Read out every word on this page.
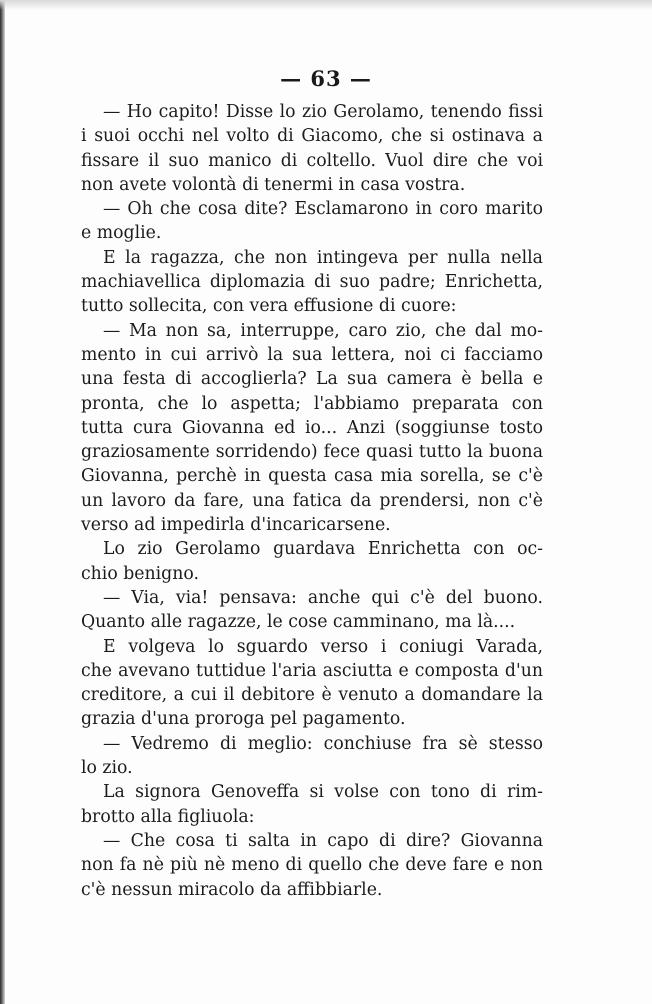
— 63 —
— Ho capito! Disse lo zio Gerolamo, tenendo fissi
i suoi occhi nel volto di Giacomo, che si ostinava a
fissare il suo manico di coltello. Vuol dire che voi
non avete volontà di tenermi in casa vostra.
— Oh che cosa dite? Esclamarono in coro marito
e moglie.
E la ragazza, che non intingeva per nulla nella
machiavellica diplomazia di suo padre; Enrichetta,
tutto sollecita, con vera effusione di cuore:
— Ma non sa, interruppe, caro zio, che dal mo-
mento in cui arrivò la sua lettera, noi ci facciamo
una festa di accoglierla? La sua camera è bella e
pronta, che lo aspetta; l'abbiamo preparata con
tutta cura Giovanna ed io... Anzi (soggiunse tosto
graziosamente sorridendo) fece quasi tutto la buona
Giovanna, perchè in questa casa mia sorella, se c'è
un lavoro da fare, una fatica da prendersi, non c'è
verso ad impedirla d'incaricarsene.
Lo zio Gerolamo guardava Enrichetta con oc-
chio benigno.
— Via, via! pensava: anche qui c'è del buono.
Quanto alle ragazze, le cose camminano, ma là....
E volgeva lo sguardo verso i coniugi Varada,
che avevano tuttidue l'aria asciutta e composta d'un
creditore, a cui il debitore è venuto a domandare la
grazia d'una proroga pel pagamento.
— Vedremo di meglio: conchiuse fra sè stesso
lo zio.
La signora Genoveffa si volse con tono di rim-
brotto alla figliuola:
— Che cosa ti salta in capo di dire? Giovanna
non fa nè più nè meno di quello che deve fare e non
c'è nessun miracolo da affibbiarle.
